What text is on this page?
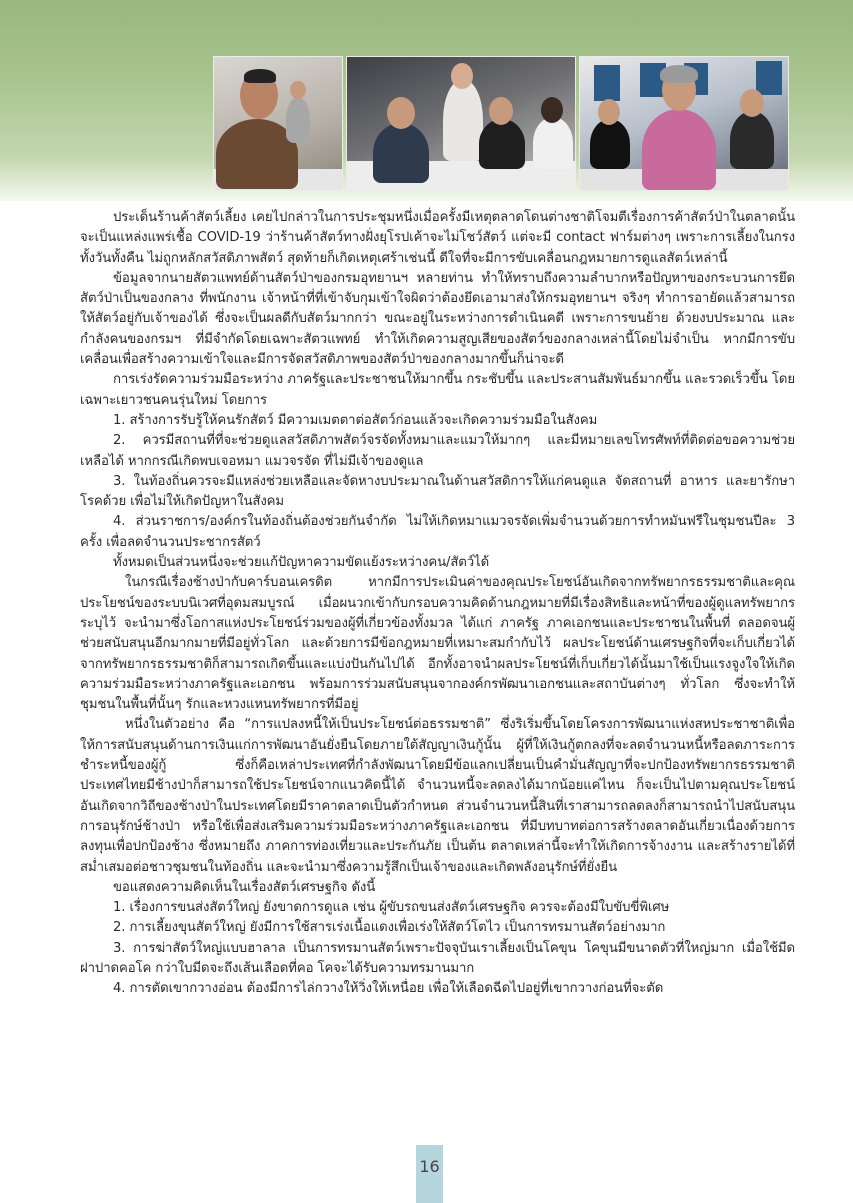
ประเด็นร้านค้าสัตว์เลี้ยง เคยไปกล่าวในการประชุมหนึ่งเมื่อครั้งมีเหตุตลาดโดนต่างชาติโจมตีเรื่องการค้าสัตว์ป่าในตลาดนั้นจะเป็นแหล่งแพร่เชื้อ COVID-19 ว่าร้านค้าสัตว์ทางฝั่งยุโรปเค้าจะไม่โชว์สัตว์ แต่จะมี contact ฟาร์มต่างๆ เพราะการเลี้ยงในกรงทั้งวันทั้งคืน ไม่ถูกหลักสวัสดิภาพสัตว์ สุดท้ายก็เกิดเหตุเศร้าเช่นนี้ ดีใจที่จะมีการขับเคลื่อนกฎหมายการดูแลสัตว์เหล่านี้

ข้อมูลจากนายสัตวแพทย์ด้านสัตว์ป่าของกรมอุทยานฯ หลายท่าน ทำให้ทราบถึงความลำบากหรือปัญหาของกระบวนการยึดสัตว์ป่าเป็นของกลาง ที่พนักงาน เจ้าหน้าที่ที่เข้าจับกุมเข้าใจผิดว่าต้องยึดเอามาส่งให้กรมอุทยานฯ จริงๆ ทำการอายัดแล้วสามารถให้สัตว์อยู่กับเจ้าของได้ ซึ่งจะเป็นผลดีกับสัตว์มากกว่า ขณะอยู่ในระหว่างการดำเนินคดี เพราะการขนย้าย ด้วยงบประมาณ และกำลังคนของกรมฯ ที่มีจำกัดโดยเฉพาะสัตวแพทย์ ทำให้เกิดความสูญเสียของสัตว์ของกลางเหล่านี้โดยไม่จำเป็น หากมีการขับเคลื่อนเพื่อสร้างความเข้าใจและมีการจัดสวัสดิภาพของสัตว์ป่าของกลางมากขึ้นก็น่าจะดี

การเร่งรัดความร่วมมือระหว่าง ภาครัฐและประชาชนให้มากขึ้น กระชับขึ้น และประสานสัมพันธ์มากขึ้น และรวดเร็วขึ้น โดยเฉพาะเยาวชนคนรุ่นใหม่ โดยการ

1. สร้างการรับรู้ให้คนรักสัตว์ มีความเมตตาต่อสัตว์ก่อนแล้วจะเกิดความร่วมมือในสังคม

2. ควรมีสถานที่ที่จะช่วยดูแลสวัสดิภาพสัตว์จรจัดทั้งหมาและแมวให้มากๆ และมีหมายเลขโทรศัพท์ที่ติดต่อขอความช่วยเหลือได้ หากกรณีเกิดพบเจอหมา แมวจรจัด ที่ไม่มีเจ้าของดูแล

3. ในท้องถิ่นควรจะมีแหล่งช่วยเหลือและจัดหางบประมาณในด้านสวัสดิการให้แก่คนดูแล จัดสถานที่ อาหาร และยารักษาโรคด้วย เพื่อไม่ให้เกิดปัญหาในสังคม

4. ส่วนราชการ/องค์กรในท้องถิ่นต้องช่วยกันจำกัด ไม่ให้เกิดหมาแมวจรจัดเพิ่มจำนวนด้วยการทำหมันฟรีในชุมชนปีละ 3 ครั้ง เพื่อลดจำนวนประชากรสัตว์

ทั้งหมดเป็นส่วนหนึ่งจะช่วยแก้ปัญหาความขัดแย้งระหว่างคน/สัตว์ได้

ในกรณีเรื่องช้างป่ากับคาร์บอนเครดิต หากมีการประเมินค่าของคุณประโยชน์อันเกิดจากทรัพยากรธรรมชาติและคุณประโยชน์ของระบบนิเวศที่อุดมสมบูรณ์ เมื่อผนวกเข้ากับกรอบความคิดด้านกฎหมายที่มีเรื่องสิทธิและหน้าที่ของผู้ดูแลทรัพยากรระบุไว้ จะนำมาซึ่งโอกาสแห่งประโยชน์ร่วมของผู้ที่เกี่ยวข้องทั้งมวล ได้แก่ ภาครัฐ ภาคเอกชนและประชาชนในพื้นที่ ตลอดจนผู้ช่วยสนับสนุนอีกมากมายที่มีอยู่ทั่วโลก และด้วยการมีข้อกฎหมายที่เหมาะสมกำกับไว้ ผลประโยชน์ด้านเศรษฐกิจที่จะเก็บเกี่ยวได้จากทรัพยากรธรรมชาติก็สามารถเกิดขึ้นและแบ่งปันกันไปได้ อีกทั้งอาจนำผลประโยชน์ที่เก็บเกี่ยวได้นั้นมาใช้เป็นแรงจูงใจให้เกิดความร่วมมือระหว่างภาครัฐและเอกชน พร้อมการร่วมสนับสนุนจากองค์กรพัฒนาเอกชนและสถาบันต่างๆ ทั่วโลก ซึ่งจะทำให้ชุมชนในพื้นที่นั้นๆ รักและหวงแหนทรัพยากรที่มีอยู่

หนึ่งในตัวอย่าง คือ “การแปลงหนี้ให้เป็นประโยชน์ต่อธรรมชาติ” ซึ่งริเริ่มขึ้นโดยโครงการพัฒนาแห่งสหประชาชาติเพื่อให้การสนับสนุนด้านการเงินแก่การพัฒนาอันยั่งยืนโดยภายใต้สัญญาเงินกู้นั้น ผู้ที่ให้เงินกู้ตกลงที่จะลดจำนวนหนี้หรือลดภาระการชำระหนี้ของผู้กู้ ซึ่งก็คือเหล่าประเทศที่กำลังพัฒนาโดยมีข้อแลกเปลี่ยนเป็นคำมั่นสัญญาที่จะปกป้องทรัพยากรธรรมชาติ ประเทศไทยมีช้างป่าก็สามารถใช้ประโยชน์จากแนวคิดนี้ได้ จำนวนหนี้จะลดลงได้มากน้อยแค่ไหน ก็จะเป็นไปตามคุณประโยชน์อันเกิดจากวิถีของช้างป่าในประเทศโดยมีราคาตลาดเป็นตัวกำหนด ส่วนจำนวนหนี้สินที่เราสามารถลดลงก็สามารถนำไปสนับสนุนการอนุรักษ์ช้างป่า หรือใช้เพื่อส่งเสริมความร่วมมือระหว่างภาครัฐและเอกชน ที่มีบทบาทต่อการสร้างตลาดอันเกี่ยวเนื่องด้วยการลงทุนเพื่อปกป้องช้าง ซึ่งหมายถึง ภาคการท่องเที่ยวและประกันภัย เป็นต้น ตลาดเหล่านี้จะทำให้เกิดการจ้างงาน และสร้างรายได้ที่สม่ำเสมอต่อชาวชุมชนในท้องถิ่น และจะนำมาซึ่งความรู้สึกเป็นเจ้าของและเกิดพลังอนุรักษ์ที่ยั่งยืน

ขอแสดงความคิดเห็นในเรื่องสัตว์เศรษฐกิจ ดังนี้

1. เรื่องการขนส่งสัตว์ใหญ่ ยังขาดการดูแล เช่น ผู้ขับรถขนส่งสัตว์เศรษฐกิจ ควรจะต้องมีใบขับขี่พิเศษ

2. การเลี้ยงขุนสัตว์ใหญ่ ยังมีการใช้สารเร่งเนื้อแดงเพื่อเร่งให้สัตว์โตไว เป็นการทรมานสัตว์อย่างมาก

3. การฆ่าสัตว์ใหญ่แบบฮาลาล เป็นการทรมานสัตว์เพราะปัจจุบันเราเลี้ยงเป็นโคขุน โคขุนมีขนาดตัวที่ใหญ่มาก เมื่อใช้มีดฝาปาดคอโค กว่าใบมีดจะถึงเส้นเลือดที่คอ โคจะได้รับความทรมานมาก

4. การตัดเขากวางอ่อน ต้องมีการไล่กวางให้วิ่งให้เหนื่อย เพื่อให้เลือดฉีดไปอยู่ที่เขากวางก่อนที่จะตัด

16
